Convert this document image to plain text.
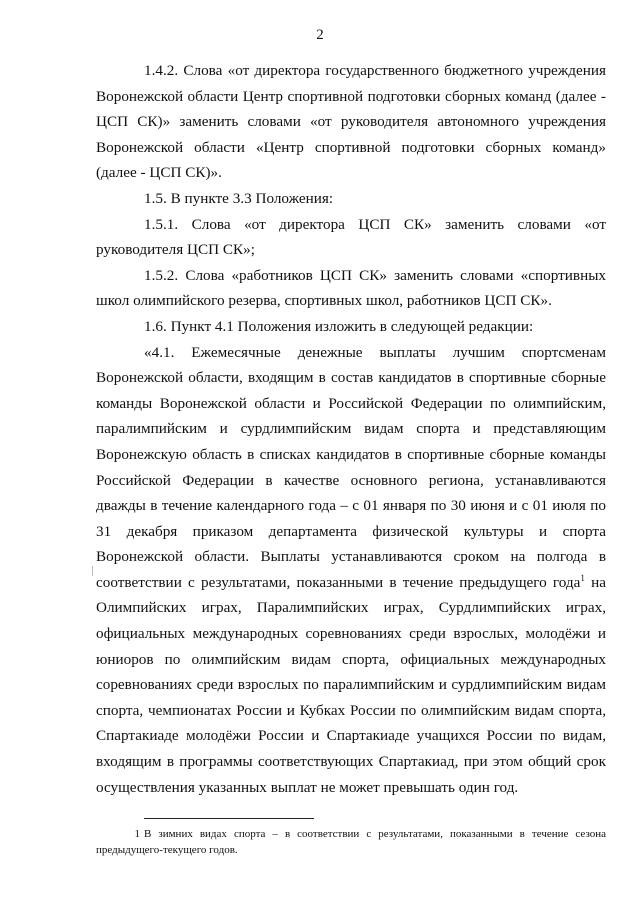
2

1.4.2. Слова «от директора государственного бюджетного учреждения Воронежской области Центр спортивной подготовки сборных команд (далее - ЦСП СК)» заменить словами «от руководителя автономного учреждения Воронежской области «Центр спортивной подготовки сборных команд» (далее - ЦСП СК)».

1.5. В пункте 3.3 Положения:

1.5.1. Слова «от директора ЦСП СК» заменить словами «от руководителя ЦСП СК»;

1.5.2. Слова «работников ЦСП СК» заменить словами «спортивных школ олимпийского резерва, спортивных школ, работников ЦСП СК».

1.6. Пункт 4.1 Положения изложить в следующей редакции:

«4.1. Ежемесячные денежные выплаты лучшим спортсменам Воронежской области, входящим в состав кандидатов в спортивные сборные команды Воронежской области и Российской Федерации по олимпийским, паралимпийским и сурдлимпийским видам спорта и представляющим Воронежскую область в списках кандидатов в спортивные сборные команды Российской Федерации в качестве основного региона, устанавливаются дважды в течение календарного года – с 01 января по 30 июня и с 01 июля по 31 декабря приказом департамента физической культуры и спорта Воронежской области. Выплаты устанавливаются сроком на полгода в соответствии с результатами, показанными в течение предыдущего года$^1$ на Олимпийских играх, Паралимпийских играх, Сурдлимпийских играх, официальных международных соревнованиях среди взрослых, молодёжи и юниоров по олимпийским видам спорта, официальных международных соревнованиях среди взрослых по паралимпийским и сурдлимпийским видам спорта, чемпионатах России и Кубках России по олимпийским видам спорта, Спартакиаде молодёжи России и Спартакиаде учащихся России по видам, входящим в программы соответствующих Спартакиад, при этом общий срок осуществления указанных выплат не может превышать один год.

1 В зимних видах спорта – в соответствии с результатами, показанными в течение сезона предыдущего-текущего годов.
